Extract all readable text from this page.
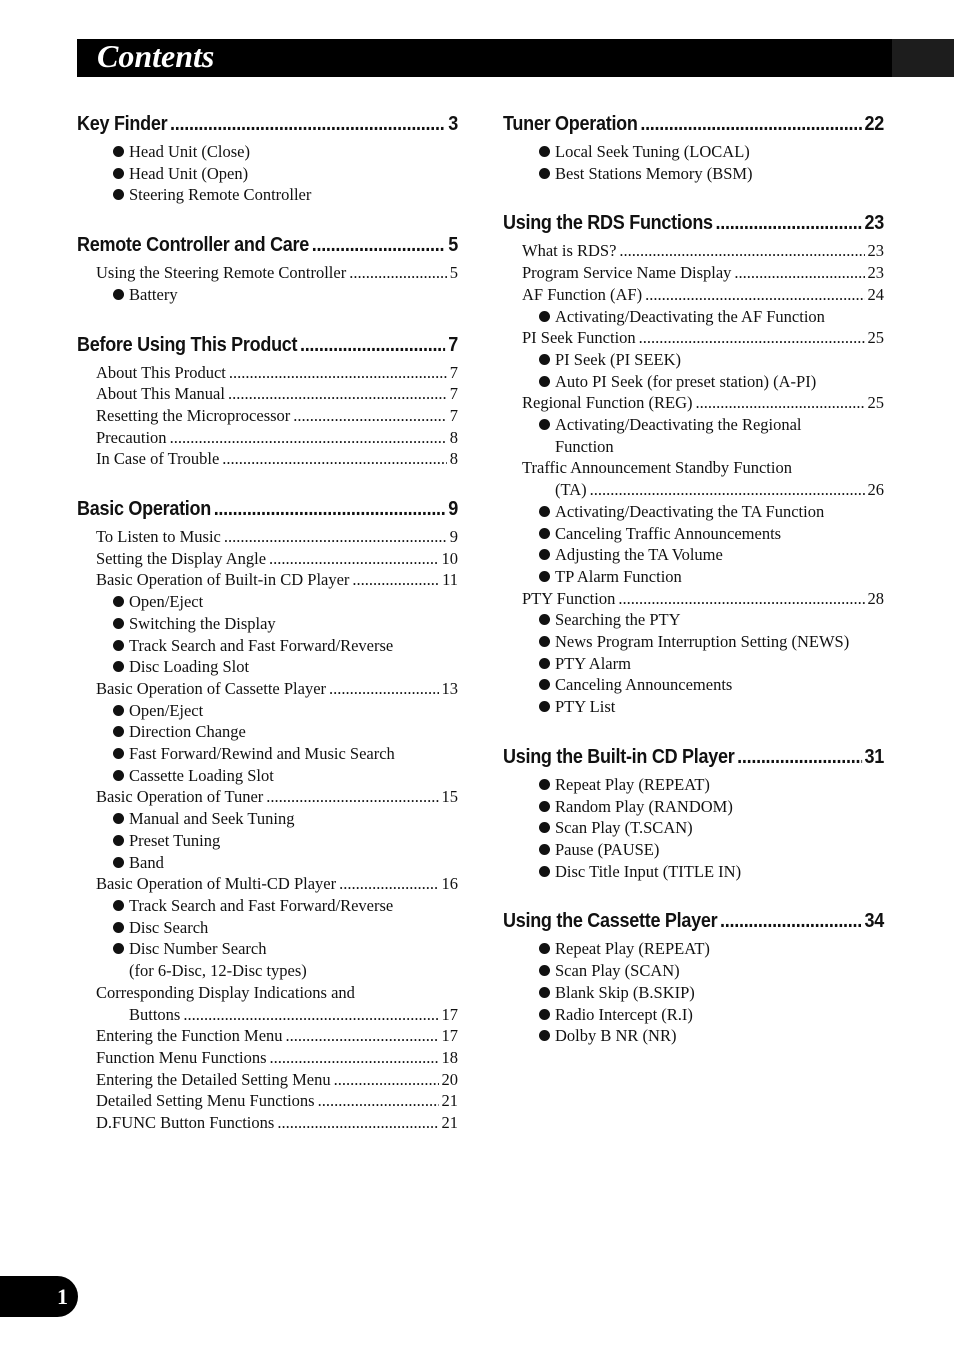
Contents
Key Finder .....	3
Head Unit (Close)
Head Unit (Open)
Steering Remote Controller
Remote Controller and Care .....	5
Using the Steering Remote Controller .....	5
Battery
Before Using This Product .....	7
About This Product .....	7
About This Manual .....	7
Resetting the Microprocessor .....	7
Precaution .....	8
In Case of Trouble .....	8
Basic Operation .....	9
To Listen to Music .....	9
Setting the Display Angle .....	10
Basic Operation of Built-in CD Player .....	11
Open/Eject
Switching the Display
Track Search and Fast Forward/Reverse
Disc Loading Slot
Basic Operation of Cassette Player .....	13
Open/Eject
Direction Change
Fast Forward/Rewind and Music Search
Cassette Loading Slot
Basic Operation of Tuner .....	15
Manual and Seek Tuning
Preset Tuning
Band
Basic Operation of Multi-CD Player .....	16
Track Search and Fast Forward/Reverse
Disc Search
Disc Number Search
(for 6-Disc, 12-Disc types)
Corresponding Display Indications and
Buttons .....	17
Entering the Function Menu .....	17
Function Menu Functions .....	18
Entering the Detailed Setting Menu .....	20
Detailed Setting Menu Functions .....	21
D.FUNC Button Functions .....	21
Tuner Operation .....	22
Local Seek Tuning (LOCAL)
Best Stations Memory (BSM)
Using the RDS Functions .....	23
What is RDS? .....	23
Program Service Name Display .....	23
AF Function (AF) .....	24
Activating/Deactivating the AF Function
PI Seek Function .....	25
PI Seek (PI SEEK)
Auto PI Seek (for preset station) (A-PI)
Regional Function (REG) .....	25
Activating/Deactivating the Regional
Function
Traffic Announcement Standby Function
(TA) .....	26
Activating/Deactivating the TA Function
Canceling Traffic Announcements
Adjusting the TA Volume
TP Alarm Function
PTY Function .....	28
Searching the PTY
News Program Interruption Setting (NEWS)
PTY Alarm
Canceling Announcements
PTY List
Using the Built-in CD Player .....	31
Repeat Play (REPEAT)
Random Play (RANDOM)
Scan Play (T.SCAN)
Pause (PAUSE)
Disc Title Input (TITLE IN)
Using the Cassette Player .....	34
Repeat Play (REPEAT)
Scan Play (SCAN)
Blank Skip (B.SKIP)
Radio Intercept (R.I)
Dolby B NR (NR)
1
